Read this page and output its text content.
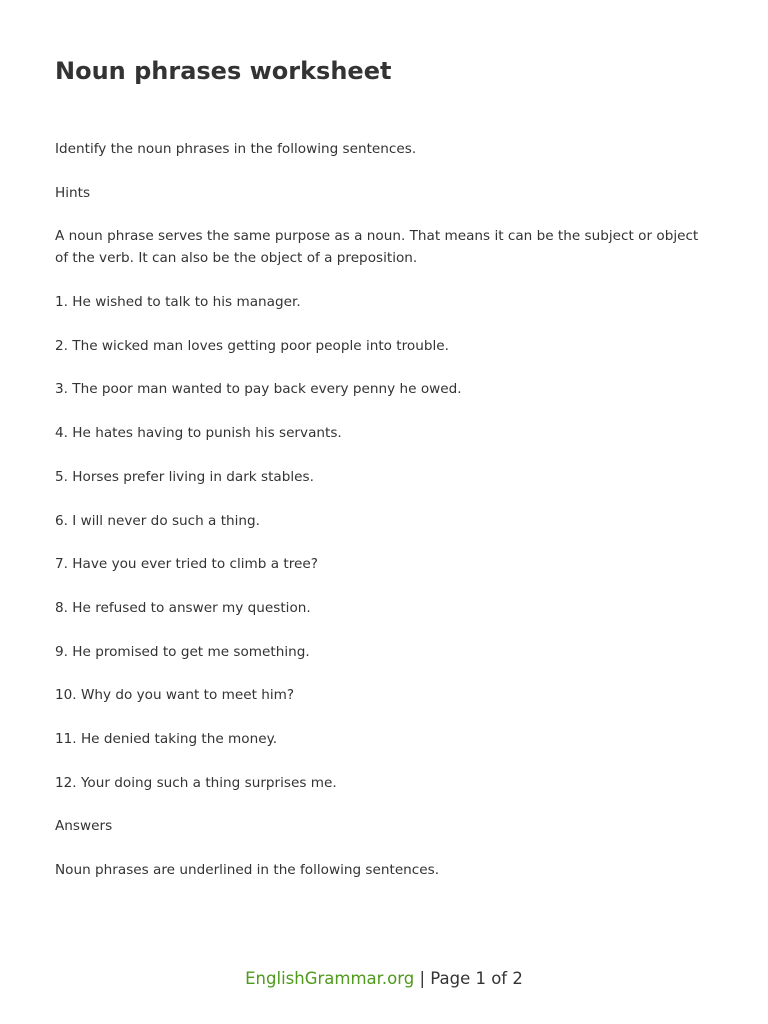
Noun phrases worksheet

Identify the noun phrases in the following sentences.

Hints

A noun phrase serves the same purpose as a noun. That means it can be the subject or object of the verb. It can also be the object of a preposition.

1. He wished to talk to his manager.

2. The wicked man loves getting poor people into trouble.

3. The poor man wanted to pay back every penny he owed.

4. He hates having to punish his servants.

5. Horses prefer living in dark stables.

6. I will never do such a thing.

7. Have you ever tried to climb a tree?

8. He refused to answer my question.

9. He promised to get me something.

10. Why do you want to meet him?

11. He denied taking the money.

12. Your doing such a thing surprises me.

Answers

Noun phrases are underlined in the following sentences.

EnglishGrammar.org | Page 1 of 2
